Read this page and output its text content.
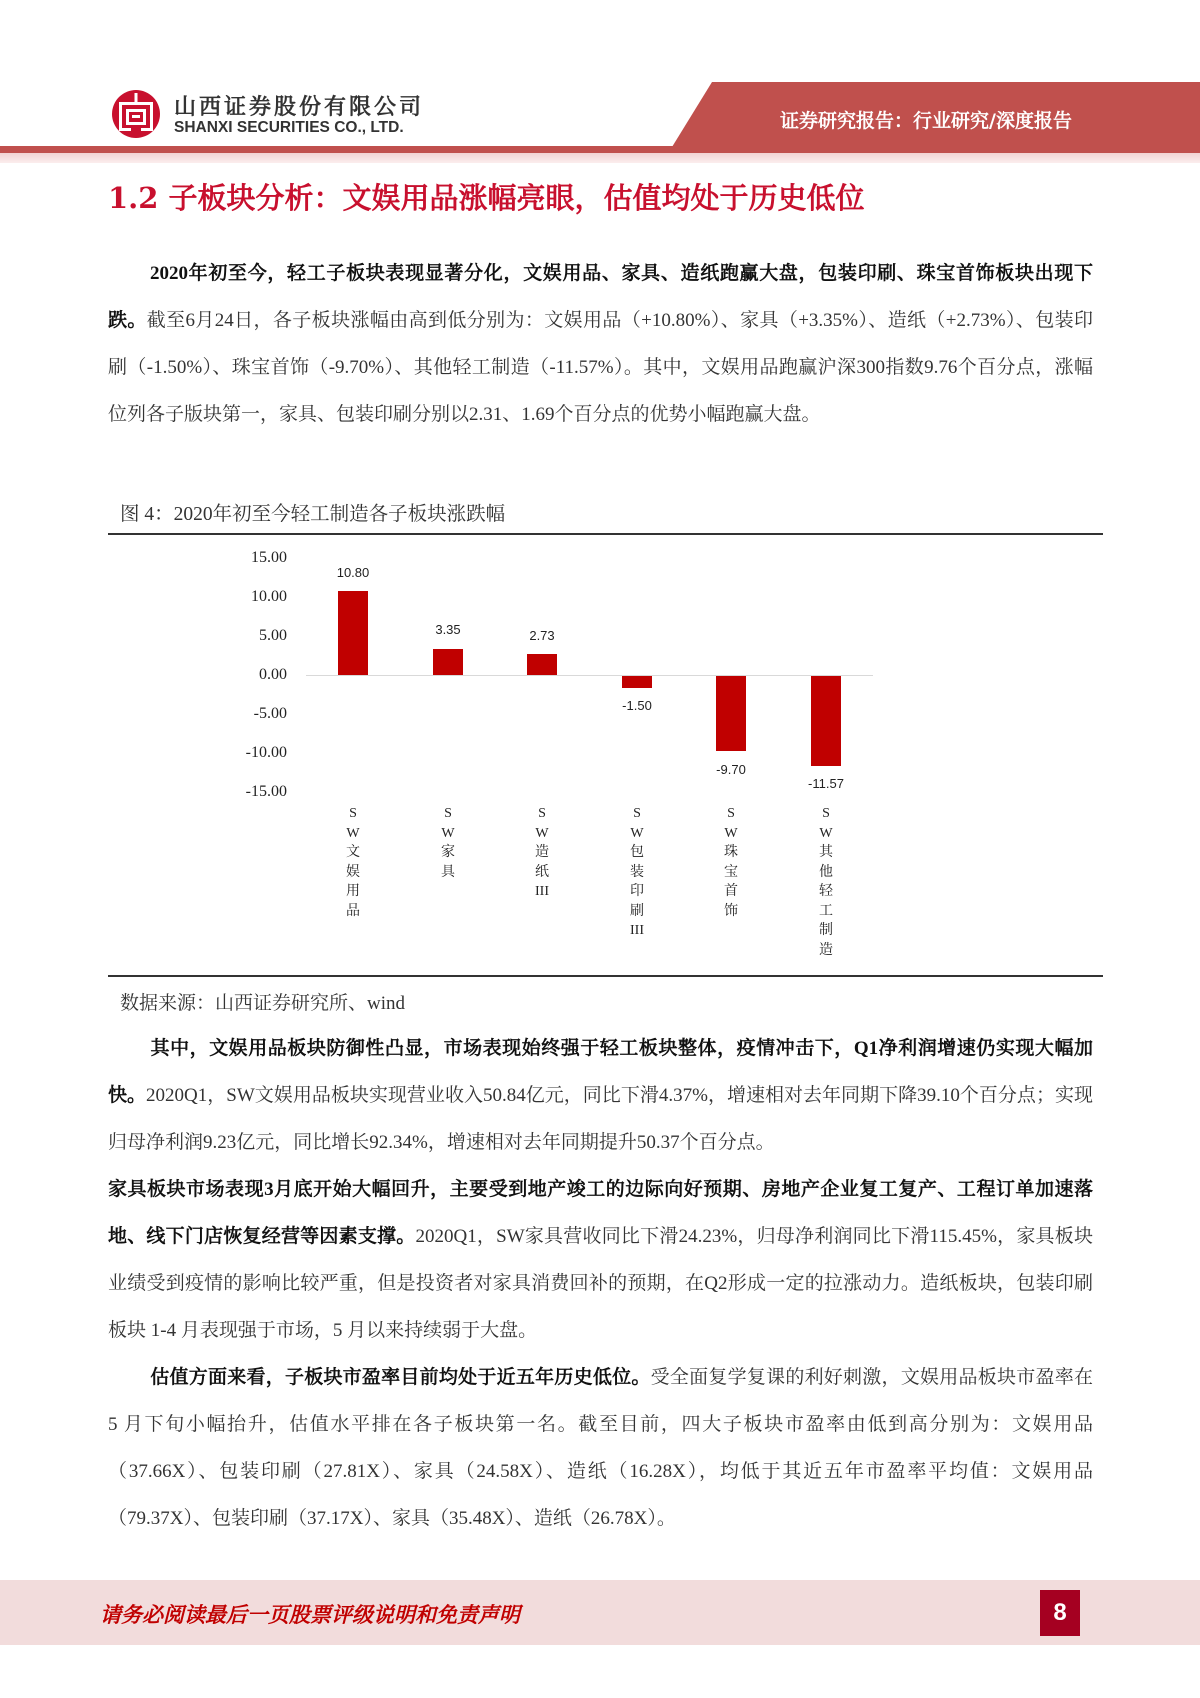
山西证券股份有限公司
SHANXI SECURITIES CO., LTD.	证券研究报告：行业研究/深度报告
1.2 子板块分析：文娱用品涨幅亮眼，估值均处于历史低位
2020年初至今，轻工子板块表现显著分化，文娱用品、家具、造纸跑赢大盘，包装印刷、珠宝首饰板块出现下跌。截至6月24日，各子板块涨幅由高到低分别为：文娱用品（+10.80%）、家具（+3.35%）、造纸（+2.73%）、包装印刷（-1.50%）、珠宝首饰（-9.70%）、其他轻工制造（-11.57%）。其中，文娱用品跑赢沪深300指数9.76个百分点，涨幅位列各子版块第一，家具、包装印刷分别以2.31、1.69个百分点的优势小幅跑赢大盘。
图 4：2020年初至今轻工制造各子板块涨跌幅
15.00
10.00
5.00
0.00
-5.00
-10.00
-15.00
10.80
3.35	2.73
-1.50
-9.70
-11.57
S
W
文
娱
用
品
S
W
家
具
S
W
造
纸
III
S
W
包
装
印
刷
III
S
W
珠
宝
首
饰
S
W
其
他
轻
工
制
造
数据来源：山西证券研究所、wind
其中，文娱用品板块防御性凸显，市场表现始终强于轻工板块整体，疫情冲击下，Q1净利润增速仍实现大幅加快。2020Q1，SW文娱用品板块实现营业收入50.84亿元，同比下滑4.37%，增速相对去年同期下降39.10个百分点；实现归母净利润9.23亿元，同比增长92.34%，增速相对去年同期提升50.37个百分点。
家具板块市场表现3月底开始大幅回升，主要受到地产竣工的边际向好预期、房地产企业复工复产、工程订单加速落地、线下门店恢复经营等因素支撑。2020Q1，SW家具营收同比下滑24.23%，归母净利润同比下滑115.45%，家具板块业绩受到疫情的影响比较严重，但是投资者对家具消费回补的预期，在Q2形成一定的拉涨动力。造纸板块，包装印刷板块 1-4 月表现强于市场，5 月以来持续弱于大盘。
估值方面来看，子板块市盈率目前均处于近五年历史低位。受全面复学复课的利好刺激，文娱用品板块市盈率在 5 月下旬小幅抬升，估值水平排在各子板块第一名。截至目前，四大子板块市盈率由低到高分别为：文娱用品（37.66X）、包装印刷（27.81X）、家具（24.58X）、造纸（16.28X），均低于其近五年市盈率平均值：文娱用品（79.37X）、包装印刷（37.17X）、家具（35.48X）、造纸（26.78X）。
请务必阅读最后一页股票评级说明和免责声明	8
